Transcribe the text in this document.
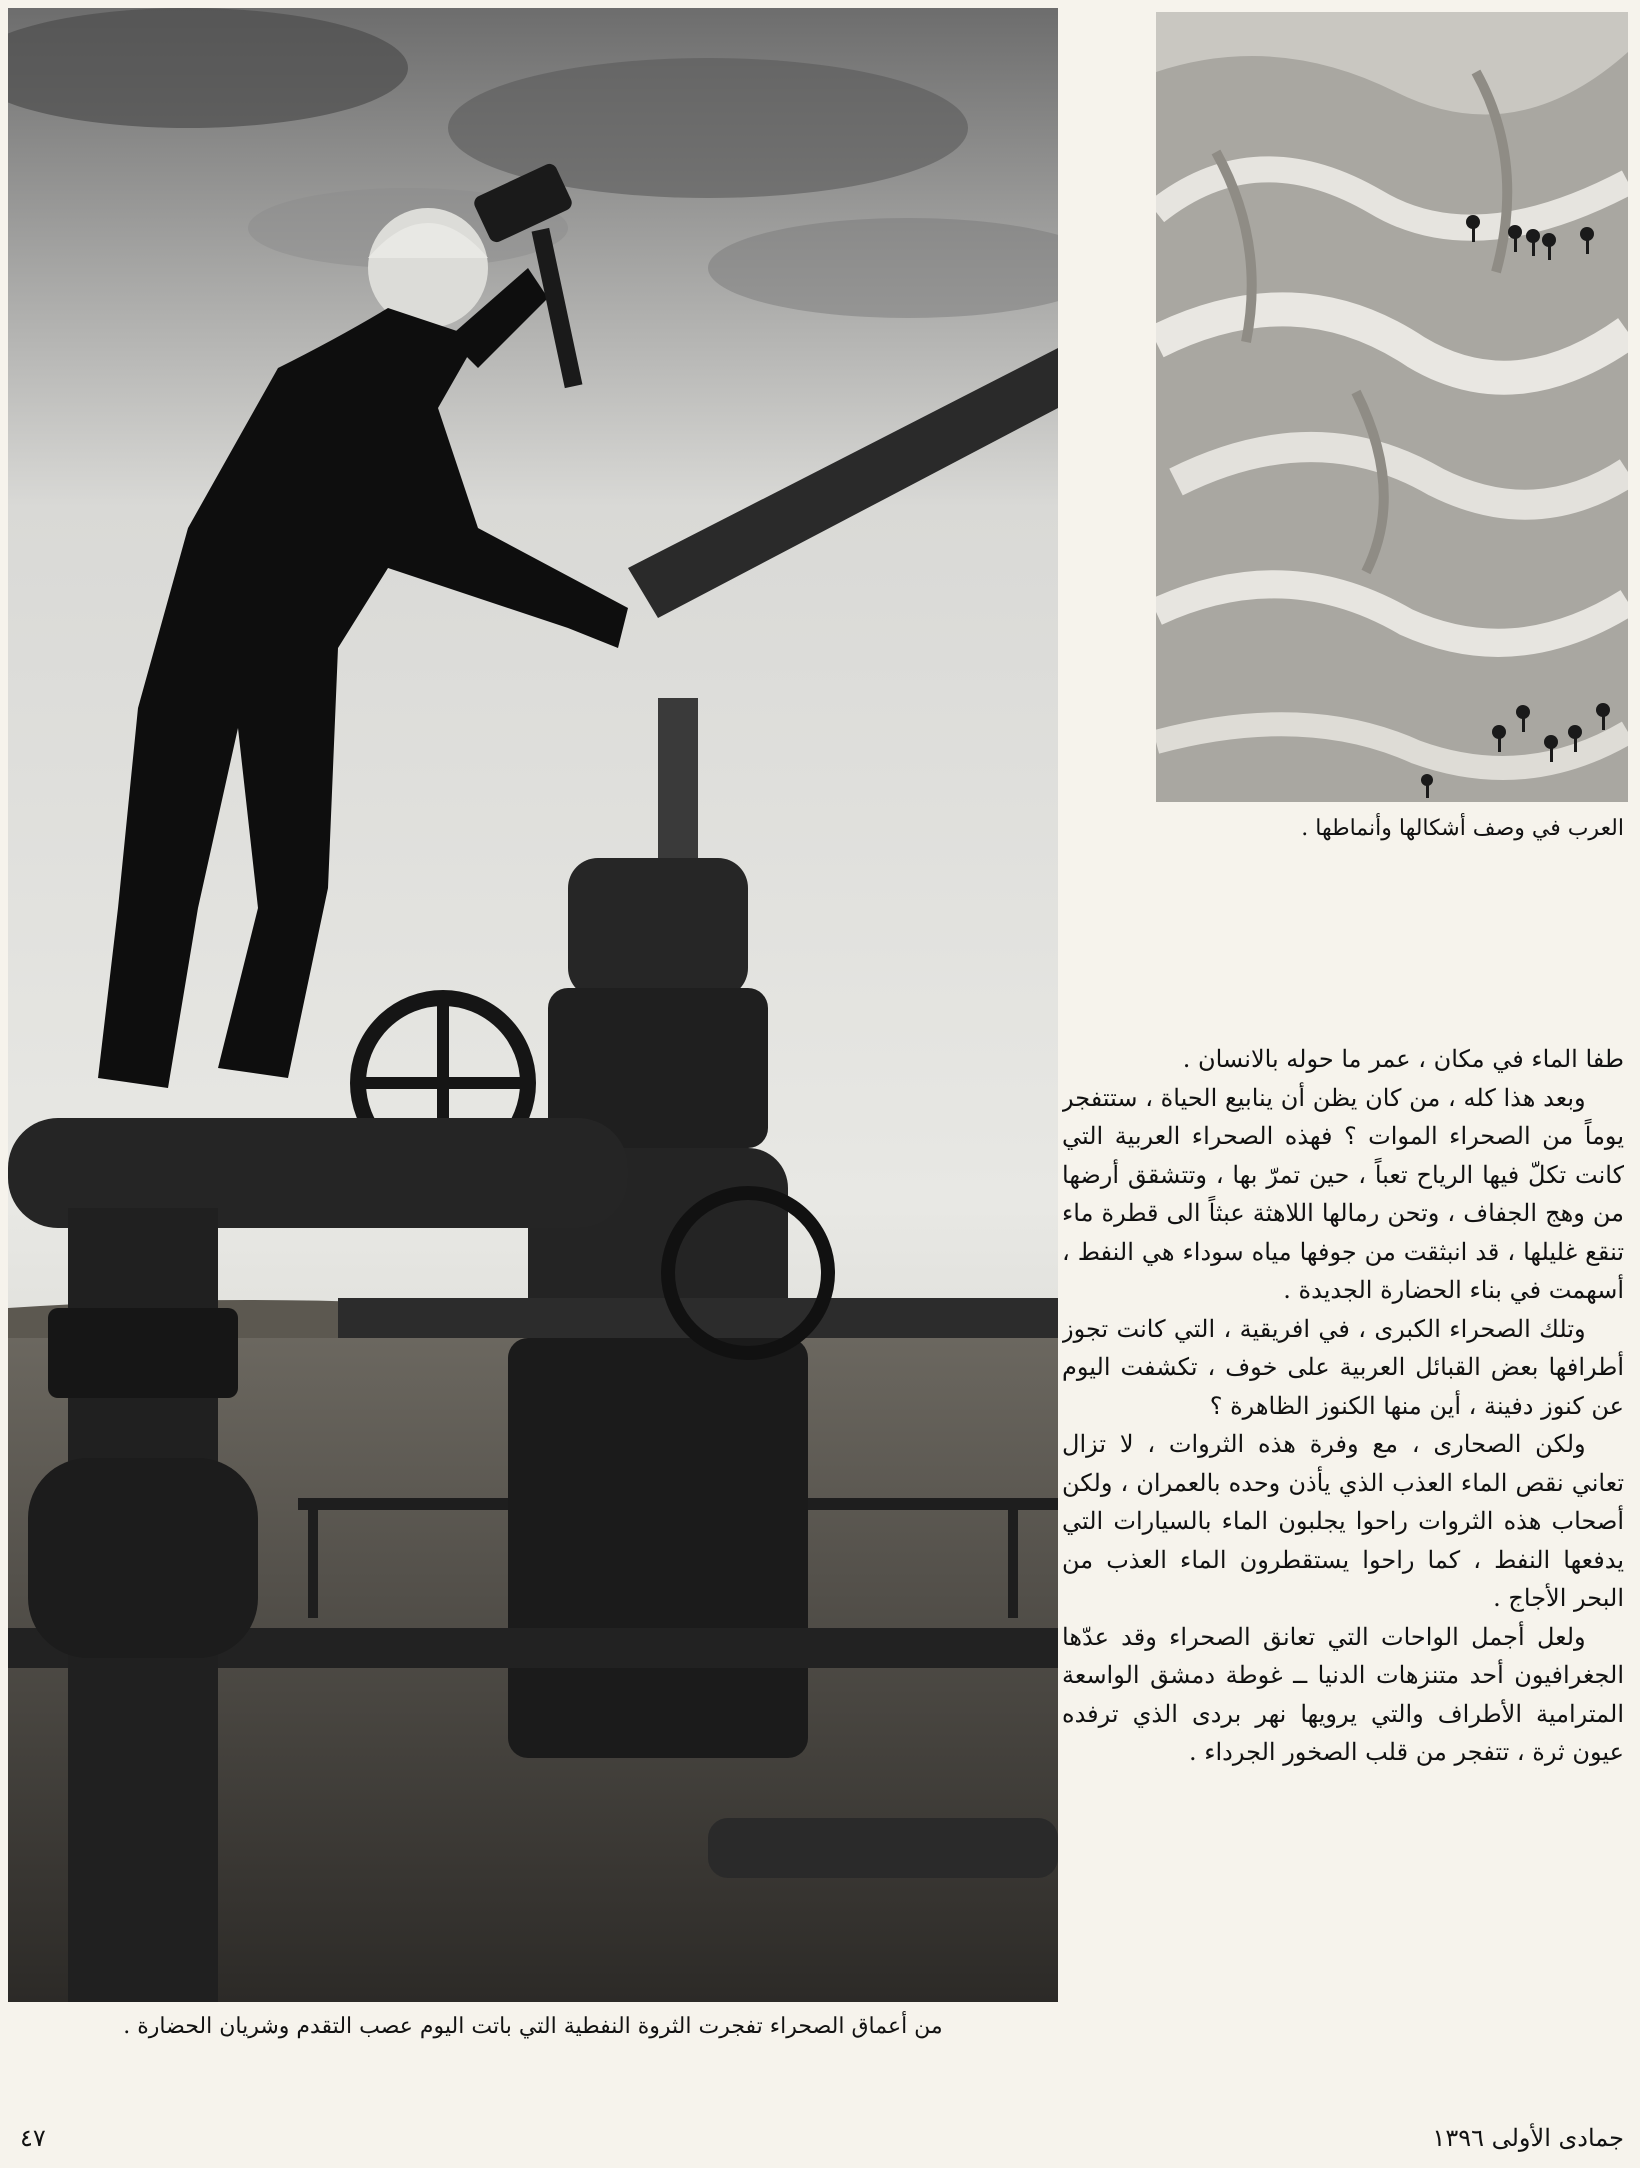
العرب في وصف أشكالها وأنماطها .

طفا الماء في مكان ، عمر ما حوله بالانسان .

وبعد هذا كله ، من كان يظن أن ينابيع الحياة ، ستتفجر يوماً من الصحراء الموات ؟ فهذه الصحراء العربية التي كانت تكلّ فيها الرياح تعباً ، حين تمرّ بها ، وتتشقق أرضها من وهج الجفاف ، وتحن رمالها اللاهثة عبثاً الى قطرة ماء تنقع غليلها ، قد انبثقت من جوفها مياه سوداء هي النفط ، أسهمت في بناء الحضارة الجديدة .

وتلك الصحراء الكبرى ، في افريقية ، التي كانت تجوز أطرافها بعض القبائل العربية على خوف ، تكشفت اليوم عن كنوز دفينة ، أين منها الكنوز الظاهرة ؟

ولكن الصحارى ، مع وفرة هذه الثروات ، لا تزال تعاني نقص الماء العذب الذي يأذن وحده بالعمران ، ولكن أصحاب هذه الثروات راحوا يجلبون الماء بالسيارات التي يدفعها النفط ، كما راحوا يستقطرون الماء العذب من البحر الأجاج .

ولعل أجمل الواحات التي تعانق الصحراء وقد عدّها الجغرافيون أحد متنزهات الدنيا ــ غوطة دمشق الواسعة المترامية الأطراف والتي يرويها نهر بردى الذي ترفده عيون ثرة ، تتفجر من قلب الصخور الجرداء .

من أعماق الصحراء تفجرت الثروة النفطية التي باتت اليوم عصب التقدم وشريان الحضارة .
٤٧	جمادى الأولى ١٣٩٦
